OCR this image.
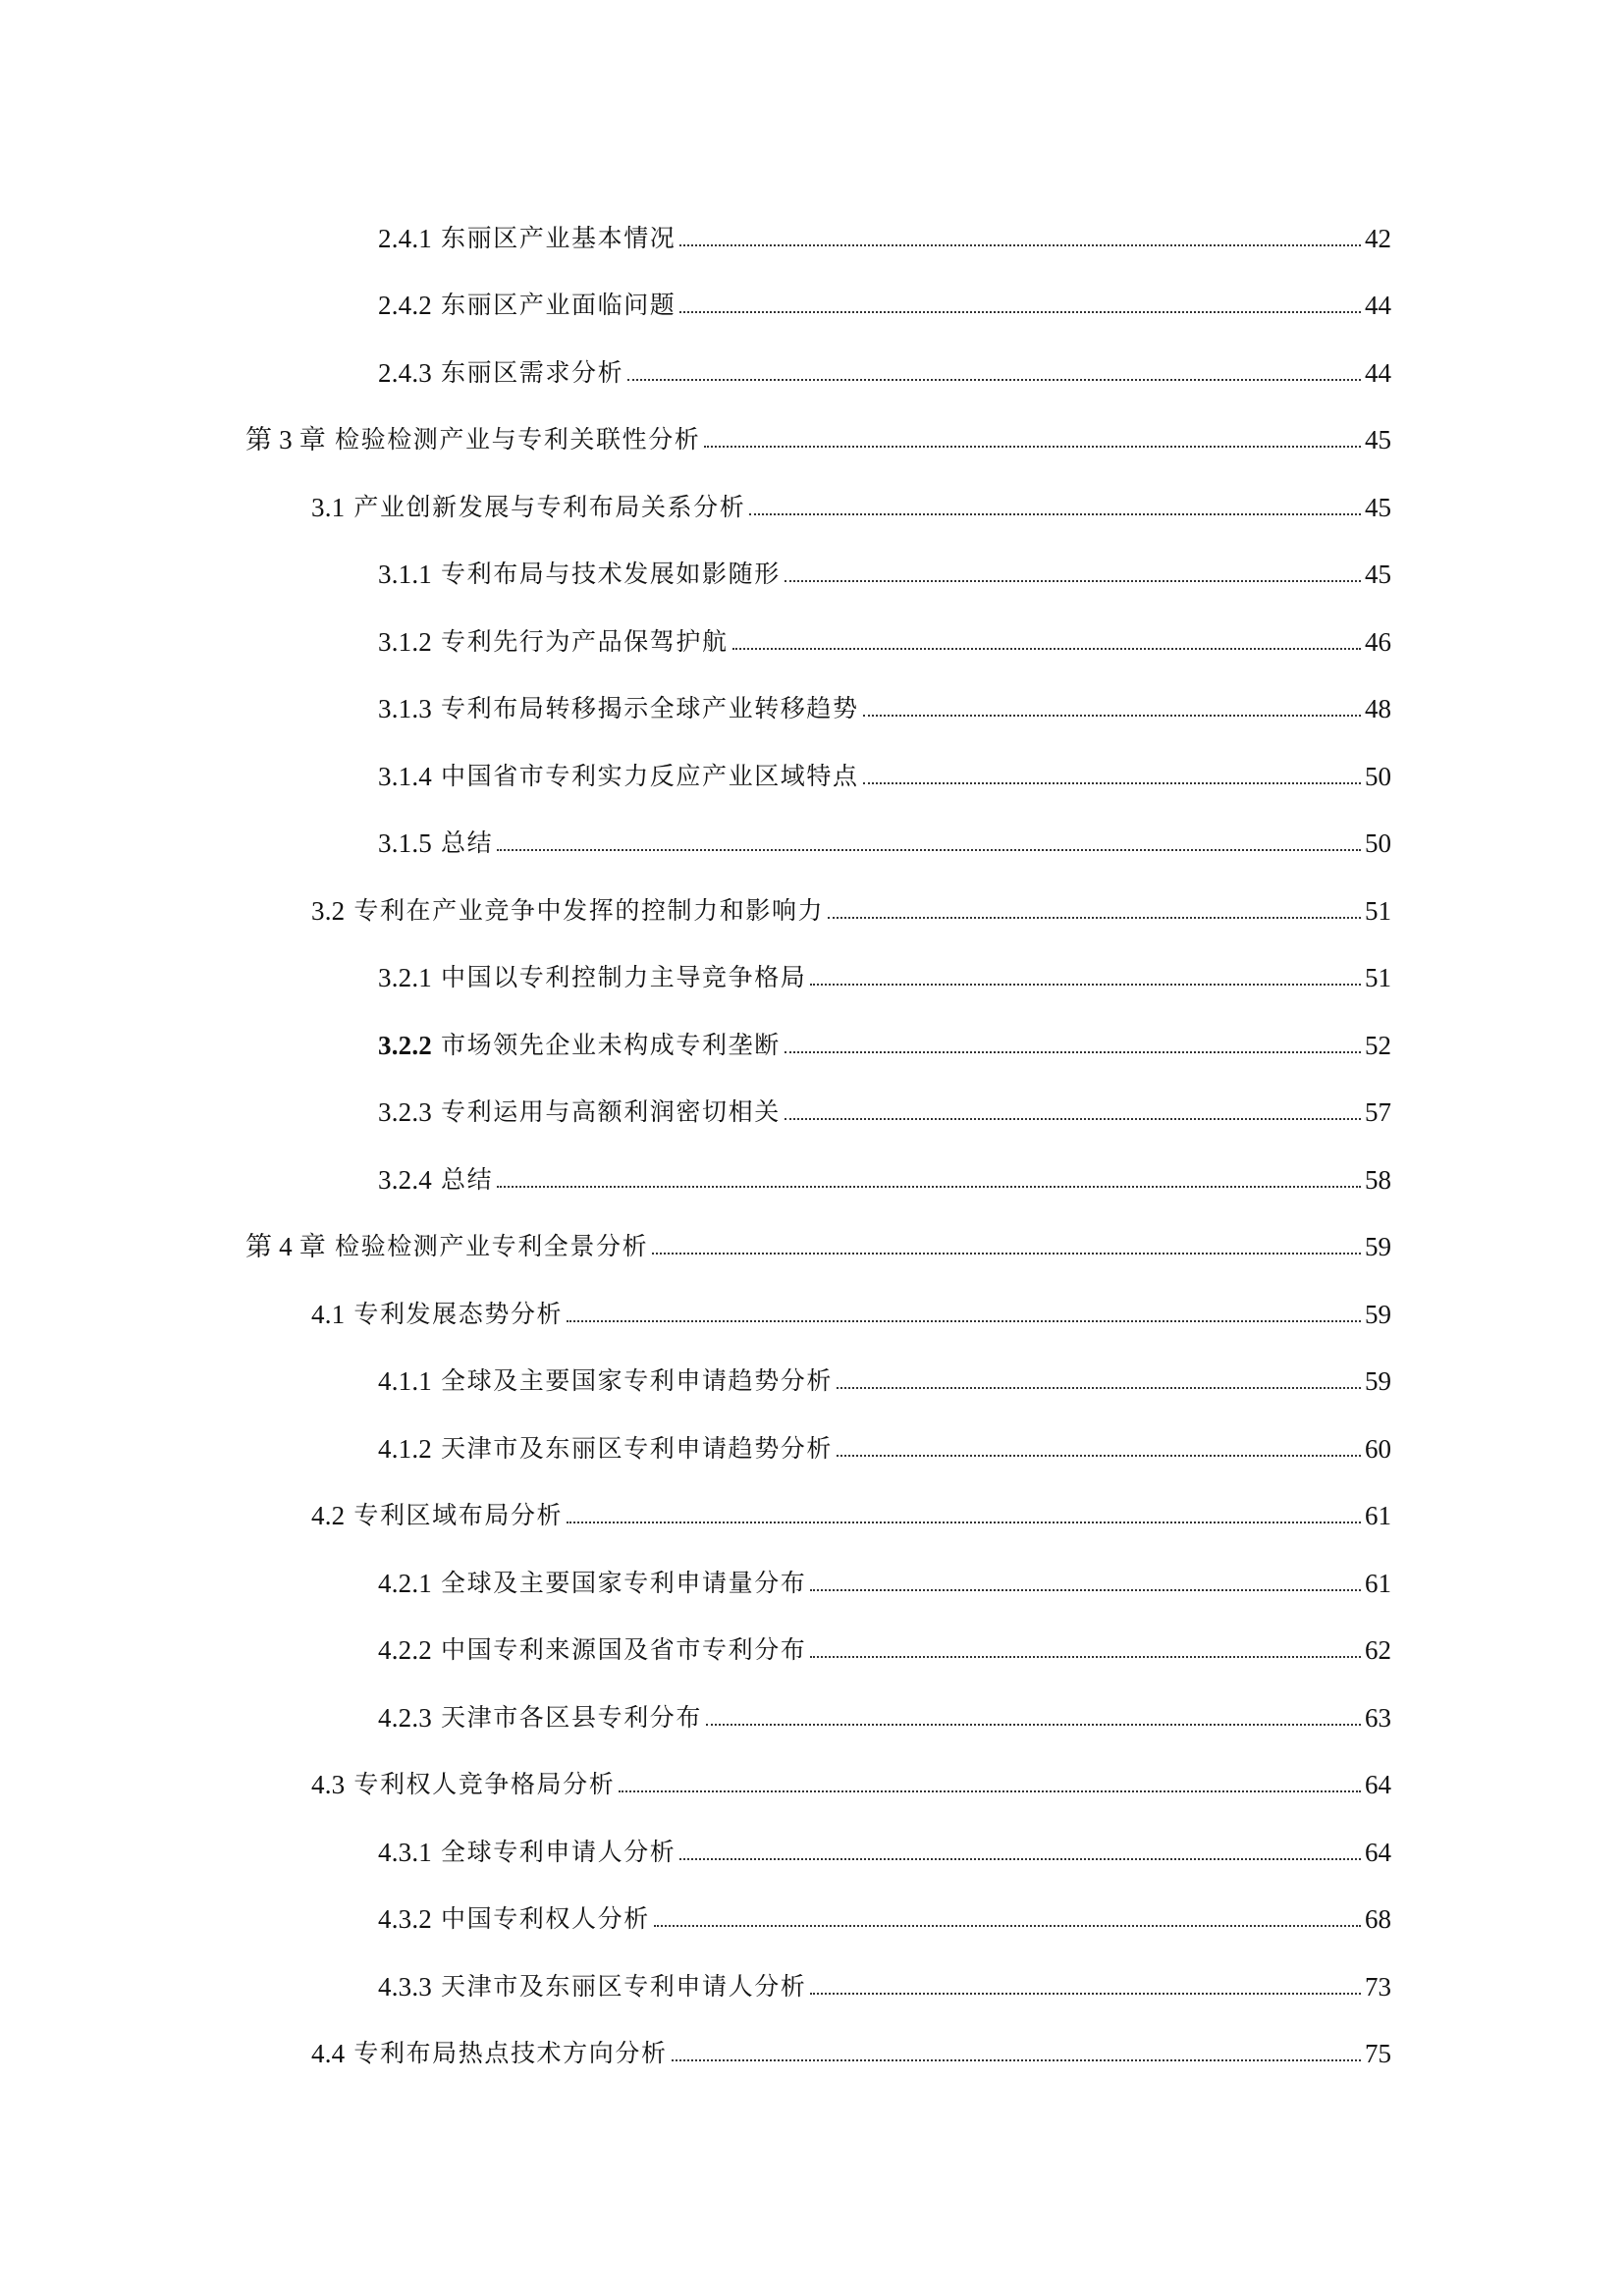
2.4.1 东丽区产业基本情况	42
2.4.2 东丽区产业面临问题	44
2.4.3 东丽区需求分析	44
第 3 章 检验检测产业与专利关联性分析	45
3.1 产业创新发展与专利布局关系分析	45
3.1.1 专利布局与技术发展如影随形	45
3.1.2 专利先行为产品保驾护航	46
3.1.3 专利布局转移揭示全球产业转移趋势	48
3.1.4 中国省市专利实力反应产业区域特点	50
3.1.5 总结	50
3.2 专利在产业竞争中发挥的控制力和影响力	51
3.2.1 中国以专利控制力主导竞争格局	51
3.2.2 市场领先企业未构成专利垄断	52
3.2.3 专利运用与高额利润密切相关	57
3.2.4 总结	58
第 4 章 检验检测产业专利全景分析	59
4.1 专利发展态势分析	59
4.1.1 全球及主要国家专利申请趋势分析	59
4.1.2 天津市及东丽区专利申请趋势分析	60
4.2 专利区域布局分析	61
4.2.1 全球及主要国家专利申请量分布	61
4.2.2 中国专利来源国及省市专利分布	62
4.2.3 天津市各区县专利分布	63
4.3 专利权人竞争格局分析	64
4.3.1 全球专利申请人分析	64
4.3.2 中国专利权人分析	68
4.3.3 天津市及东丽区专利申请人分析	73
4.4 专利布局热点技术方向分析	75
